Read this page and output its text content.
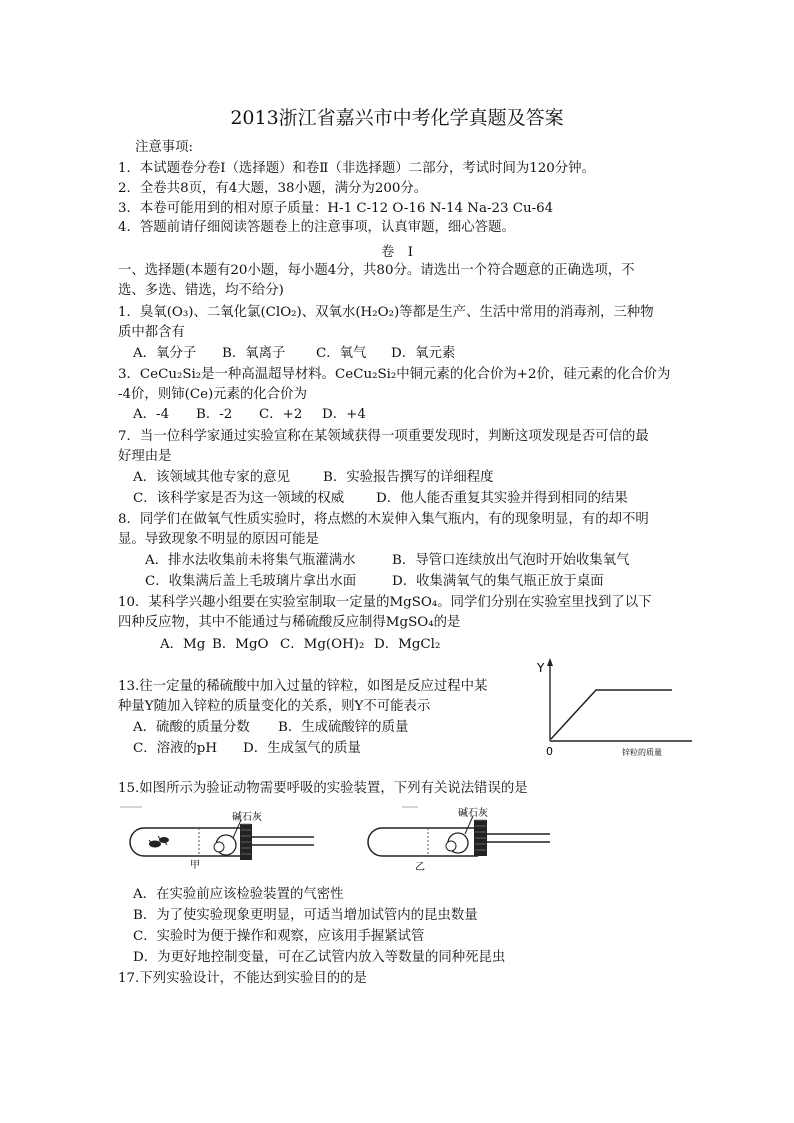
2013浙江省嘉兴市中考化学真题及答案
注意事项:
1．本试题卷分卷Ⅰ（选择题）和卷Ⅱ（非选择题）二部分，考试时间为120分钟。
2．全卷共8页，有4大题，38小题，满分为200分。
3．本卷可能用到的相对原子质量：H-1 C-12 O-16 N-14 Na-23 Cu-64
4．答题前请仔细阅读答题卷上的注意事项，认真审题，细心答题。
卷　Ⅰ
一、选择题(本题有20小题，每小题4分，共80分。请选出一个符合题意的正确选项，不
选、多选、错选，均不给分)
1．臭氧(O₃)、二氧化氯(ClO₂)、双氧水(H₂O₂)等都是生产、生活中常用的消毒剂，三种物
质中都含有
A．氧分子 B．氧离子 C．氧气 D．氧元素
3．CeCu₂Si₂是一种高温超导材料。CeCu₂Si₂中铜元素的化合价为+2价，硅元素的化合价为
-4价，则铈(Ce)元素的化合价为
A．-4 B．-2 C．+2 D．+4
7．当一位科学家通过实验宣称在某领域获得一项重要发现时，判断这项发现是否可信的最
好理由是
A．该领域其他专家的意见 B．实验报告撰写的详细程度
C．该科学家是否为这一领域的权威 D．他人能否重复其实验并得到相同的结果
8．同学们在做氧气性质实验时，将点燃的木炭伸入集气瓶内，有的现象明显，有的却不明
显。导致现象不明显的原因可能是
A．排水法收集前未将集气瓶灌满水	B．导管口连续放出气泡时开始收集氧气
C．收集满后盖上毛玻璃片拿出水面	D．收集满氧气的集气瓶正放于桌面
10．某科学兴趣小组要在实验室制取一定量的MgSO₄。同学们分别在实验室里找到了以下
四种反应物，其中不能通过与稀硫酸反应制得MgSO₄的是
A．Mg B．MgO C．Mg(OH)₂ D．MgCl₂
13.往一定量的稀硫酸中加入过量的锌粒，如图是反应过程中某
种量Y随加入锌粒的质量变化的关系，则Y不可能表示
A．硫酸的质量分数 B．生成硫酸锌的质量
C．溶液的pH D．生成氢气的质量
Y
0	锌粒的质量
15.如图所示为验证动物需要呼吸的实验装置，下列有关说法错误的是
碱石灰
甲
碱石灰
乙
A．在实验前应该检验装置的气密性
B．为了使实验现象更明显，可适当增加试管内的昆虫数量
C．实验时为便于操作和观察，应该用手握紧试管
D．为更好地控制变量，可在乙试管内放入等数量的同种死昆虫
17.下列实验设计，不能达到实验目的的是
